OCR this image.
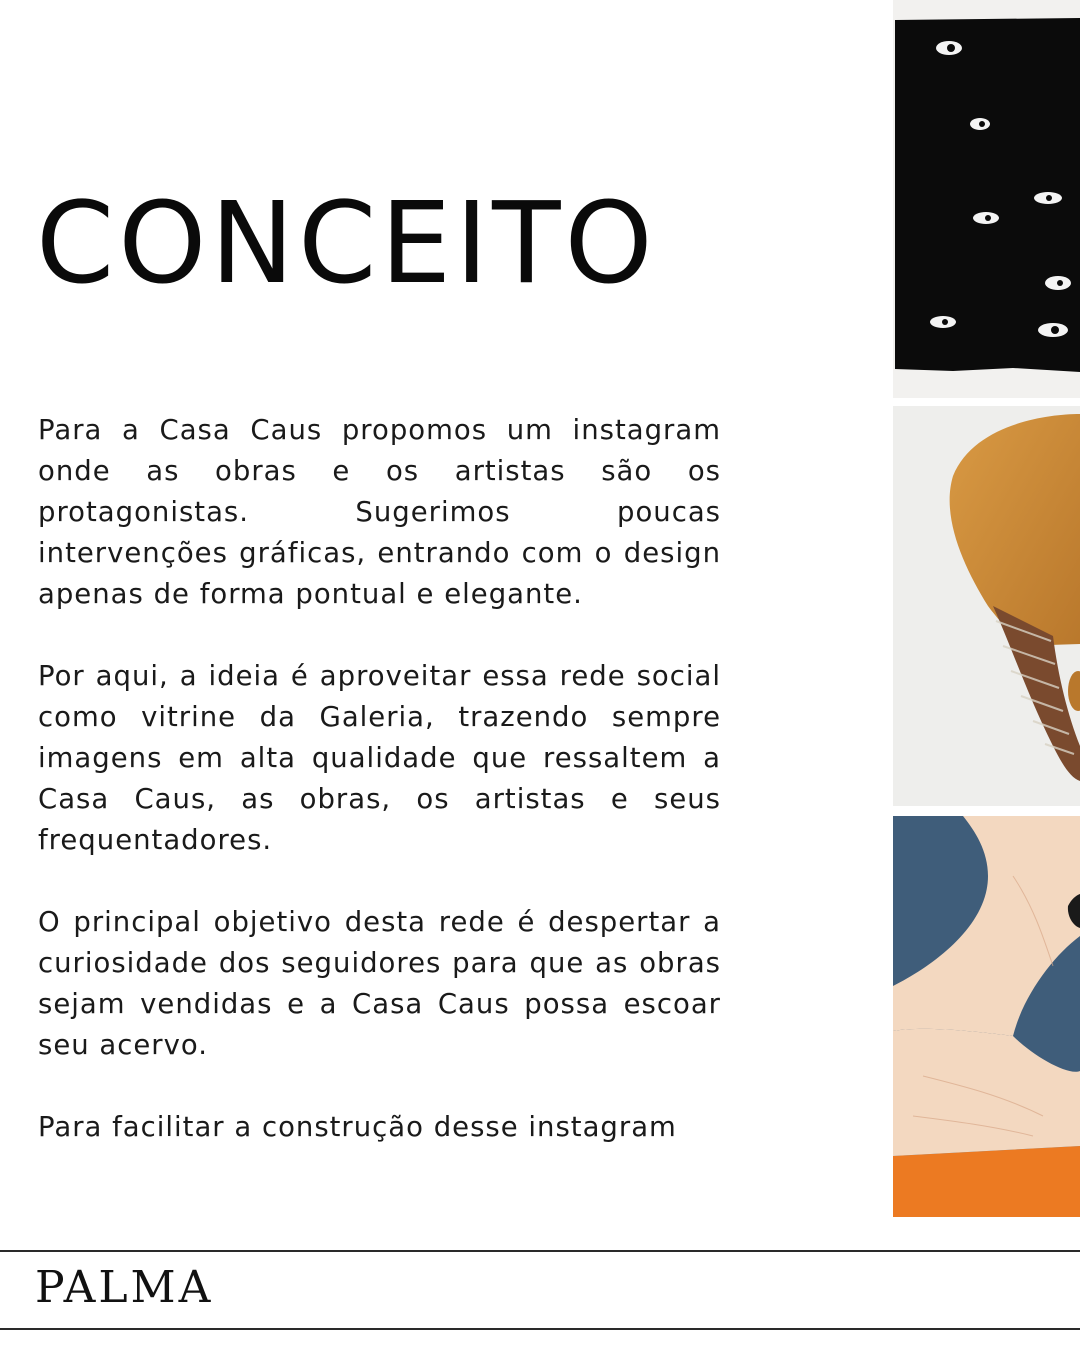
CONCEITO

Para a Casa Caus propomos um instagram onde as obras e os artistas são os protagonistas. Sugerimos poucas intervenções gráficas, entrando com o design apenas de forma pontual e elegante.

Por aqui, a ideia é aproveitar essa rede social como vitrine da Galeria, trazendo sempre imagens em alta qualidade que ressaltem a Casa Caus, as obras, os artistas e seus frequentadores.

O principal objetivo desta rede é despertar a curiosidade dos seguidores para que as obras sejam vendidas e a Casa Caus possa escoar seu acervo.

Para facilitar a construção desse instagram

PALMA
